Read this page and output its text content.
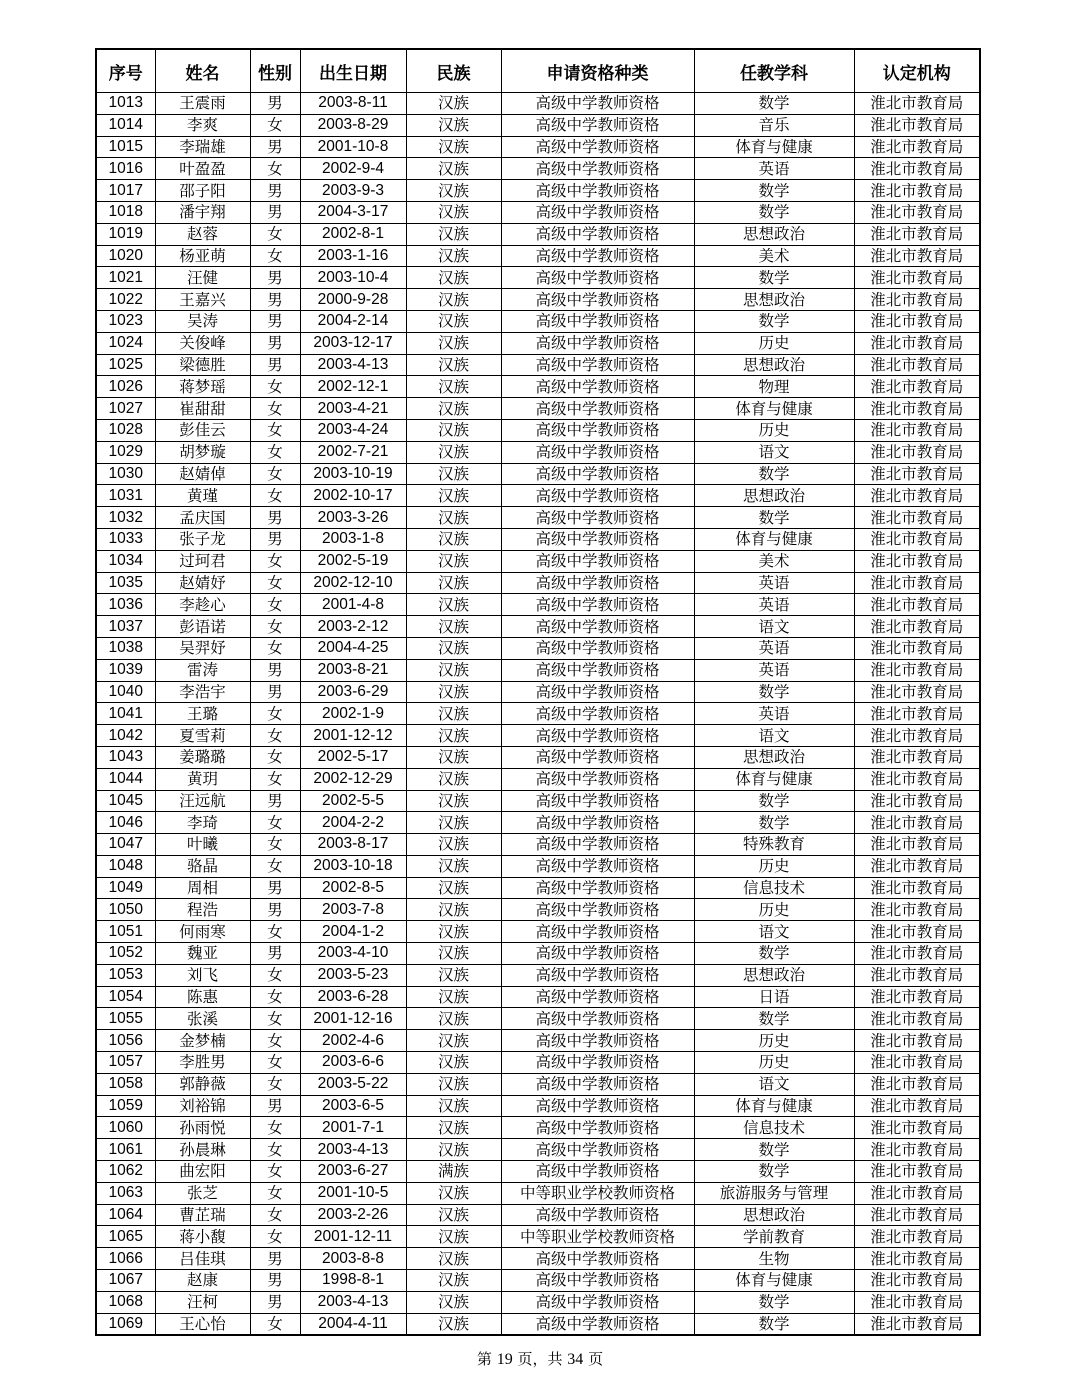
序号	姓名	性别	出生日期	民族	申请资格种类	任教学科	认定机构
1013	王震雨	男	2003-8-11	汉族	高级中学教师资格	数学	淮北市教育局
1014	李爽	女	2003-8-29	汉族	高级中学教师资格	音乐	淮北市教育局
1015	李瑞雄	男	2001-10-8	汉族	高级中学教师资格	体育与健康	淮北市教育局
1016	叶盈盈	女	2002-9-4	汉族	高级中学教师资格	英语	淮北市教育局
1017	邵子阳	男	2003-9-3	汉族	高级中学教师资格	数学	淮北市教育局
1018	潘宇翔	男	2004-3-17	汉族	高级中学教师资格	数学	淮北市教育局
1019	赵蓉	女	2002-8-1	汉族	高级中学教师资格	思想政治	淮北市教育局
1020	杨亚萌	女	2003-1-16	汉族	高级中学教师资格	美术	淮北市教育局
1021	汪健	男	2003-10-4	汉族	高级中学教师资格	数学	淮北市教育局
1022	王嘉兴	男	2000-9-28	汉族	高级中学教师资格	思想政治	淮北市教育局
1023	吴涛	男	2004-2-14	汉族	高级中学教师资格	数学	淮北市教育局
1024	关俊峰	男	2003-12-17	汉族	高级中学教师资格	历史	淮北市教育局
1025	梁德胜	男	2003-4-13	汉族	高级中学教师资格	思想政治	淮北市教育局
1026	蒋梦瑶	女	2002-12-1	汉族	高级中学教师资格	物理	淮北市教育局
1027	崔甜甜	女	2003-4-21	汉族	高级中学教师资格	体育与健康	淮北市教育局
1028	彭佳云	女	2003-4-24	汉族	高级中学教师资格	历史	淮北市教育局
1029	胡梦璇	女	2002-7-21	汉族	高级中学教师资格	语文	淮北市教育局
1030	赵婧倬	女	2003-10-19	汉族	高级中学教师资格	数学	淮北市教育局
1031	黄瑾	女	2002-10-17	汉族	高级中学教师资格	思想政治	淮北市教育局
1032	孟庆国	男	2003-3-26	汉族	高级中学教师资格	数学	淮北市教育局
1033	张子龙	男	2003-1-8	汉族	高级中学教师资格	体育与健康	淮北市教育局
1034	过珂君	女	2002-5-19	汉族	高级中学教师资格	美术	淮北市教育局
1035	赵婧妤	女	2002-12-10	汉族	高级中学教师资格	英语	淮北市教育局
1036	李趁心	女	2001-4-8	汉族	高级中学教师资格	英语	淮北市教育局
1037	彭语诺	女	2003-2-12	汉族	高级中学教师资格	语文	淮北市教育局
1038	吴羿妤	女	2004-4-25	汉族	高级中学教师资格	英语	淮北市教育局
1039	雷涛	男	2003-8-21	汉族	高级中学教师资格	英语	淮北市教育局
1040	李浩宇	男	2003-6-29	汉族	高级中学教师资格	数学	淮北市教育局
1041	王璐	女	2002-1-9	汉族	高级中学教师资格	英语	淮北市教育局
1042	夏雪莉	女	2001-12-12	汉族	高级中学教师资格	语文	淮北市教育局
1043	姜璐璐	女	2002-5-17	汉族	高级中学教师资格	思想政治	淮北市教育局
1044	黄玥	女	2002-12-29	汉族	高级中学教师资格	体育与健康	淮北市教育局
1045	汪远航	男	2002-5-5	汉族	高级中学教师资格	数学	淮北市教育局
1046	李琦	女	2004-2-2	汉族	高级中学教师资格	数学	淮北市教育局
1047	叶曦	女	2003-8-17	汉族	高级中学教师资格	特殊教育	淮北市教育局
1048	骆晶	女	2003-10-18	汉族	高级中学教师资格	历史	淮北市教育局
1049	周相	男	2002-8-5	汉族	高级中学教师资格	信息技术	淮北市教育局
1050	程浩	男	2003-7-8	汉族	高级中学教师资格	历史	淮北市教育局
1051	何雨寒	女	2004-1-2	汉族	高级中学教师资格	语文	淮北市教育局
1052	魏亚	男	2003-4-10	汉族	高级中学教师资格	数学	淮北市教育局
1053	刘飞	女	2003-5-23	汉族	高级中学教师资格	思想政治	淮北市教育局
1054	陈惠	女	2003-6-28	汉族	高级中学教师资格	日语	淮北市教育局
1055	张溪	女	2001-12-16	汉族	高级中学教师资格	数学	淮北市教育局
1056	金梦楠	女	2002-4-6	汉族	高级中学教师资格	历史	淮北市教育局
1057	李胜男	女	2003-6-6	汉族	高级中学教师资格	历史	淮北市教育局
1058	郭静薇	女	2003-5-22	汉族	高级中学教师资格	语文	淮北市教育局
1059	刘裕锦	男	2003-6-5	汉族	高级中学教师资格	体育与健康	淮北市教育局
1060	孙雨悦	女	2001-7-1	汉族	高级中学教师资格	信息技术	淮北市教育局
1061	孙晨琳	女	2003-4-13	汉族	高级中学教师资格	数学	淮北市教育局
1062	曲宏阳	女	2003-6-27	满族	高级中学教师资格	数学	淮北市教育局
1063	张芝	女	2001-10-5	汉族	中等职业学校教师资格	旅游服务与管理	淮北市教育局
1064	曹芷瑞	女	2003-2-26	汉族	高级中学教师资格	思想政治	淮北市教育局
1065	蒋小馥	女	2001-12-11	汉族	中等职业学校教师资格	学前教育	淮北市教育局
1066	吕佳琪	男	2003-8-8	汉族	高级中学教师资格	生物	淮北市教育局
1067	赵康	男	1998-8-1	汉族	高级中学教师资格	体育与健康	淮北市教育局
1068	汪柯	男	2003-4-13	汉族	高级中学教师资格	数学	淮北市教育局
1069	王心怡	女	2004-4-11	汉族	高级中学教师资格	数学	淮北市教育局
第 19 页，共 34 页
